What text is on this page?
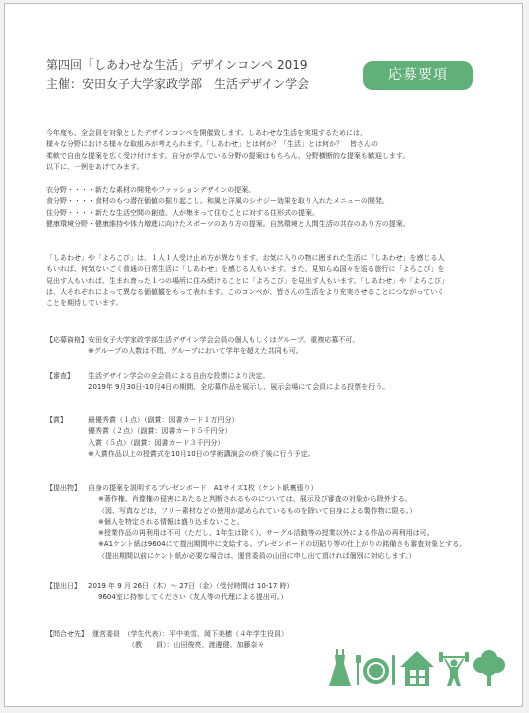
第四回「しあわせな生活」デザインコンペ 2019
主催：安田女子大学家政学部　生活デザイン学会
応募要項

今年度も、全会員を対象としたデザインコンペを開催致します。しあわせな生活を実現するためには、

様々な分野における様々な取組みが考えられます。「しあわせ」とは何か？「生活」とは何か？　皆さんの

柔軟で自由な提案を広く受け付けます。自分が学んでいる分野の提案はもちろん、分野横断的な提案も歓迎します。

以下に、一例をあげてみます。

衣分野・・・・新たな素材の開発やファッションデザインの提案。

食分野・・・・食材のもつ潜在価値の掘り起こし。和風と洋風のシナジー効果を取り入れたメニューの開発。

住分野・・・・新たな生活空間の創造。人が集まって住むことに対する住形式の提案。

健康環境分野・健康維持や体力増進に向けたスポーツのあり方の提案。自然環境と人間生活の共存のあり方の提案。

「しあわせ」や「よろこび」は、１人１人受け止め方が異なります。お気に入りの物に囲まれた生活に「しあわせ」を感じる人

もいれば、何気ないごく普通の日常生活に「しあわせ」を感じる人もいます。また、見知らぬ国々を巡る旅行に「よろこび」を

見出す人もいれば、生まれ育った１つの場所に住み続けることに「よろこび」を見出す人もいます。「しあわせ」や「よろこび」

は、人それぞれによって異なる価値観をもって表れます。このコンペが、皆さんの生活をより充実させることにつながっていく

ことを期待しています。

【応募資格】安田女子大学家政学部生活デザイン学会会員の個人もしくはグループ。重複応募不可。

※グループの人数は不問。グループにおいて学年を超えた共同も可。

【審査】 生活デザイン学会の全会員による自由な投票により決定。

2019年 9月30日-10月4日の期間、全応募作品を展示し、展示会場にて会員による投票を行う。

【賞】	最優秀賞（１点）（副賞：図書カード１万円分）

優秀賞（２点）（副賞：図書カード５千円分）

入賞（５点）（副賞：図書カード３千円分）

※入賞作品以上の授賞式を10月10日の学術講演会の終了後に行う予定。

【提出物】 自身の提案を説明するプレゼンボード　A1サイズ1枚（ケント紙裏張り）

※著作権、肖像権の侵害にあたると判断されるものについては、展示及び審査の対象から除外する。

（図、写真などは、フリー素材などの使用が認められているものを除いて自身による製作物に限る。）

※個人を特定される情報は盛り込まないこと。

※授業作品の再利用は不可（ただし、1年生は除く）。サークル活動等の授業以外による作品の再利用は可。

※A1ケント紙は9604にて提出期間中に支給する。プレゼンボードの切貼り等の仕上がりの銘備さも審査対象とする。

（提出期間以前にケント紙が必要な場合は、運営委員の山田に申し出て頂ければ個別に対応します。）

【提出日】 2019 年 9 月 26日（木）～ 27日（金）（受付時間は 10-17 時）

9604室に持参してください（友人等の代理による提出可。）

【問合せ先】 運営委員　（学生代表）：平中美雪、岡下美穂（４年学生役員）

（教　　員）：山田俊亮、渡邊健、加藤奈々
